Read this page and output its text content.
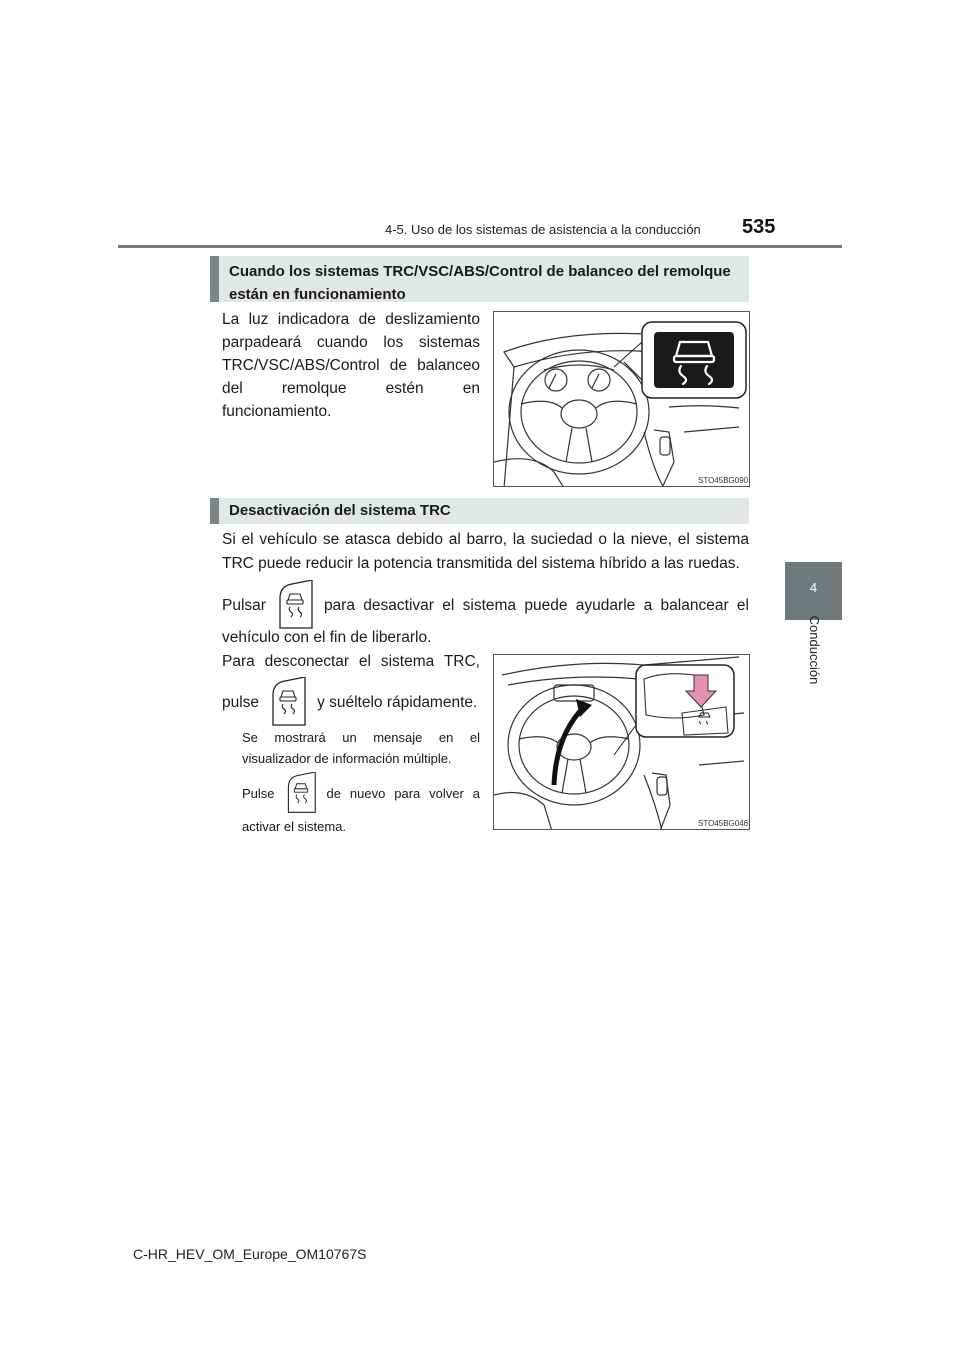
4-5. Uso de los sistemas de asistencia a la conducción 535
4
Conducción
Cuando los sistemas TRC/VSC/ABS/Control de balanceo del remolque están en funcionamiento
La luz indicadora de deslizamiento
parpadeará cuando los sistemas
TRC/VSC/ABS/Control de balanceo
del remolque estén en
funcionamiento.
STO45BG090
Desactivación del sistema TRC
Si el vehículo se atasca debido al barro, la suciedad o la nieve, el sistema TRC puede reducir la potencia transmitida del sistema híbrido a las ruedas.
Pulsar	para desactivar el sistema puede ayudarle a balancear el
vehículo con el fin de liberarlo.
Para desconectar el sistema TRC,
pulse	y suéltelo rápidamente.
Se mostrará un mensaje en el
visualizador de información múltiple.
Pulse	de nuevo para volver a
activar el sistema.	STO45BG046
C-HR_HEV_OM_Europe_OM10767S
